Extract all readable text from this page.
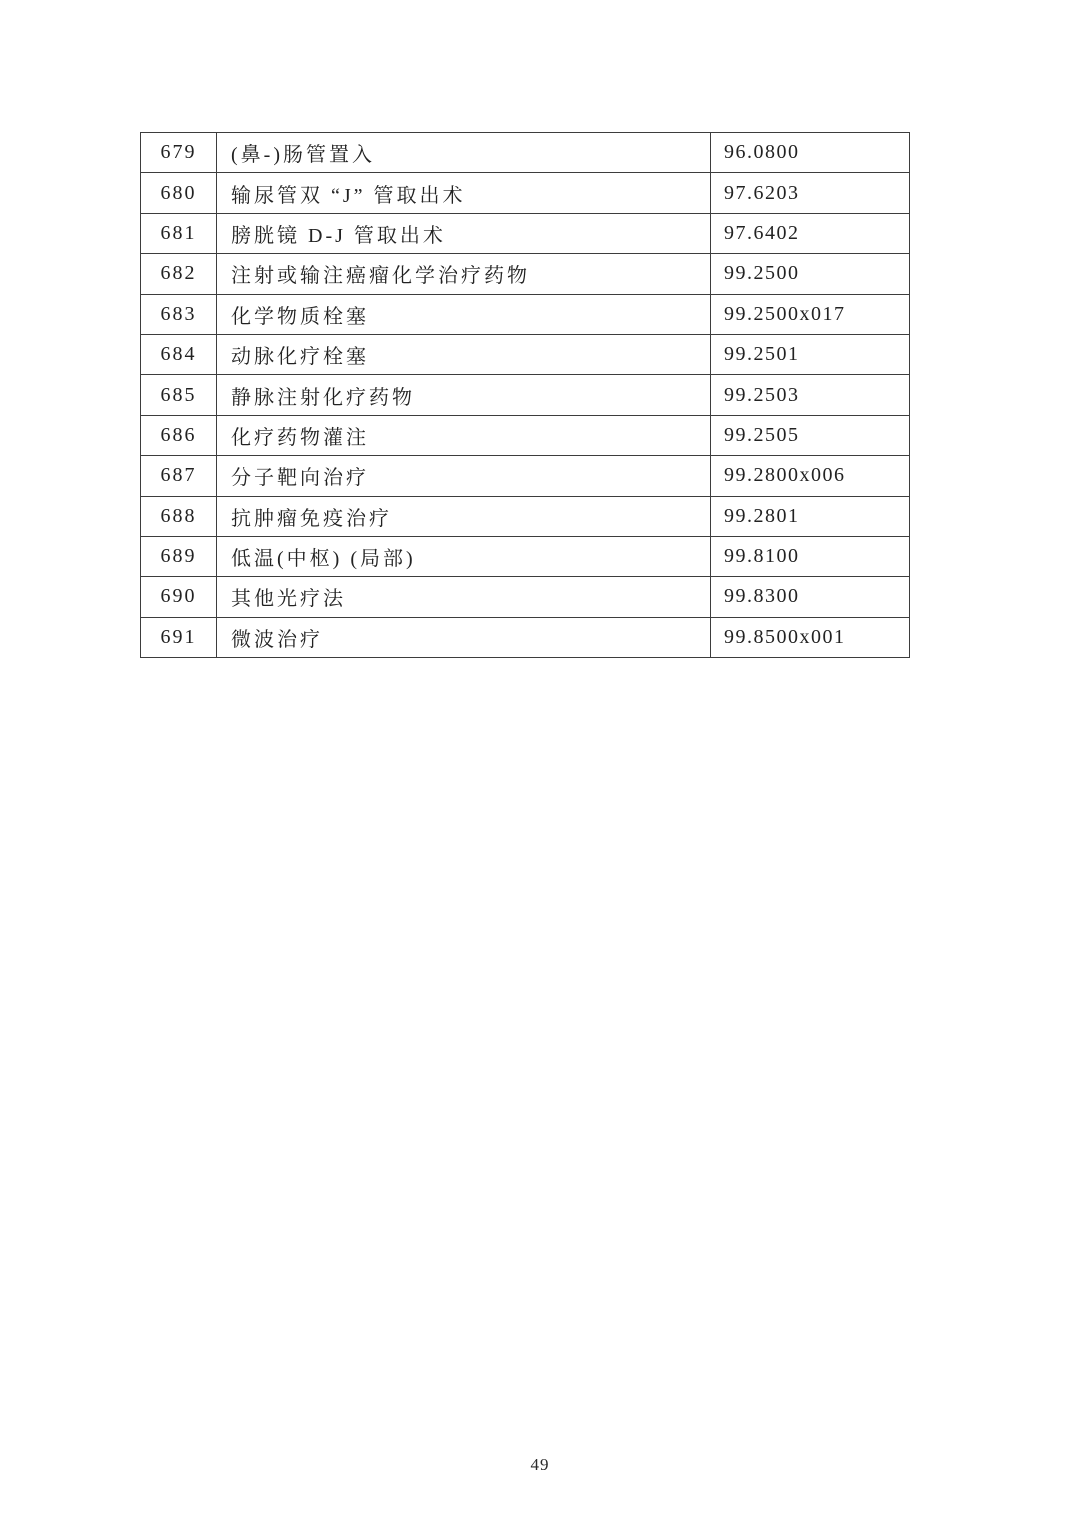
679	(鼻-)肠管置入	96.0800
680	输尿管双 “J” 管取出术	97.6203
681	膀胱镜 D-J 管取出术	97.6402
682	注射或输注癌瘤化学治疗药物	99.2500
683	化学物质栓塞	99.2500x017
684	动脉化疗栓塞	99.2501
685	静脉注射化疗药物	99.2503
686	化疗药物灌注	99.2505
687	分子靶向治疗	99.2800x006
688	抗肿瘤免疫治疗	99.2801
689	低温(中枢) (局部)	99.8100
690	其他光疗法	99.8300
691	微波治疗	99.8500x001
49
